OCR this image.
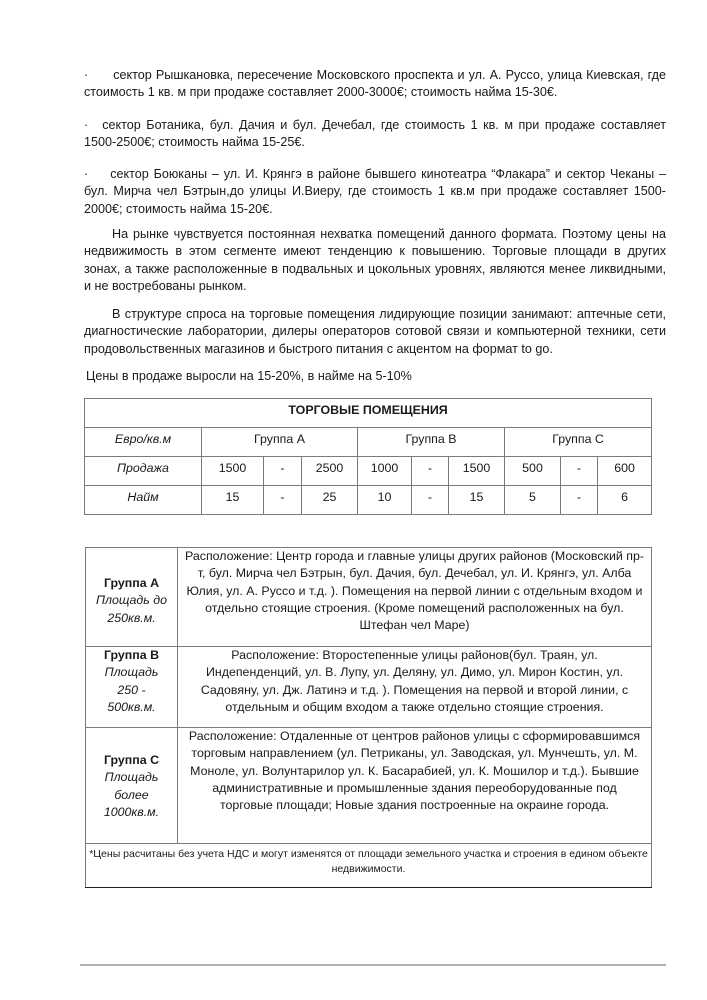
· сектор Рышкановка, пересечение Московского проспекта и ул. А. Руссо, улица Киевская, где стоимость 1 кв. м при продаже составляет 2000-3000€; стоимость найма 15-30€.

· сектор Ботаника, бул. Дачия и бул. Дечебал, где стоимость 1 кв. м при продаже составляет 1500-2500€; стоимость найма 15-25€.

· сектор Боюканы – ул. И. Крянгэ в районе бывшего кинотеатра “Флакара” и сектор Чеканы – бул. Мирча чел Бэтрын,до улицы И.Виеру, где стоимость 1 кв.м при продаже составляет 1500-2000€; стоимость найма 15-20€.

На рынке чувствуется постоянная нехватка помещений данного формата. Поэтому цены на недвижимость в этом сегменте имеют тенденцию к повышению. Торговые площади в других зонах, а также расположенные в подвальных и цокольных уровнях, являются менее ликвидными, и не востребованы рынком.

В структуре спроса на торговые помещения лидирующие позиции занимают: аптечные сети, диагностические лаборатории, дилеры операторов сотовой связи и компьютерной техники, сети продовольственных магазинов и быстрого питания с акцентом на формат to go.

Цены в продаже выросли на 15-20%, в найме на 5-10%

ТОРГОВЫЕ ПОМЕЩЕНИЯ									
Евро/кв.м	Группа А			Группа В			Группа С		
Продажа	1500	-	2500	1000	-	1500	500	-	600
Найм	15	-	25	10	-	15	5	-	6
Группа А
Площадь до 250кв.м.	Расположение: Центр города и главные улицы других районов (Московский пр-т, бул. Мирча чел Бэтрын, бул. Дачия, бул. Дечебал, ул. И. Крянгэ, ул. Алба Юлия, ул. А. Руссо и т.д. ). Помещения на первой линии с отдельным входом и отдельно стоящие строения. (Кроме помещений расположенных на бул. Штефан чел Маре)

Группа В
Площадь 250 - 500кв.м.	Расположение: Второстепенные улицы районов(бул. Траян, ул. Индепенденций, ул. В. Лупу, ул. Деляну, ул. Димо, ул. Мирон Костин, ул. Садовяну, ул. Дж. Латинэ и т.д. ). Помещения на первой и второй линии, с отдельным и общим входом а также отдельно стоящие строения.

Группа С
Площадь более 1000кв.м.	Расположение: Отдаленные от центров районов улицы с сформировавшимся торговым направлением (ул. Петриканы, ул. Заводская, ул. Мунчешть, ул. М. Моноле, ул. Волунтарилор ул. К. Басарабией, ул. К. Мошилор и т.д.). Бывшие административные и промышленные здания переоборудованные под торговые площади; Новые здания построенные на окраине города.
*Цены расчитаны без учета НДС и могут изменятся от площади земельного участка и строения в едином объекте недвижимости.	
